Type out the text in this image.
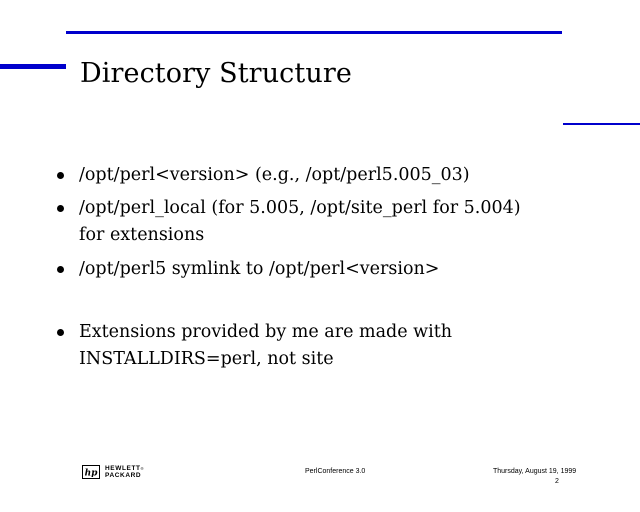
Directory Structure
/opt/perl<version> (e.g., /opt/perl5.005_03)
/opt/perl_local (for 5.005, /opt/site_perl for 5.004)
for extensions
/opt/perl5 symlink to /opt/perl<version>
Extensions provided by me are made with
INSTALLDIRS=perl, not site
hp HEWLETT®
PACKARD
PerlConference 3.0	Thursday, August 19, 1999
2
